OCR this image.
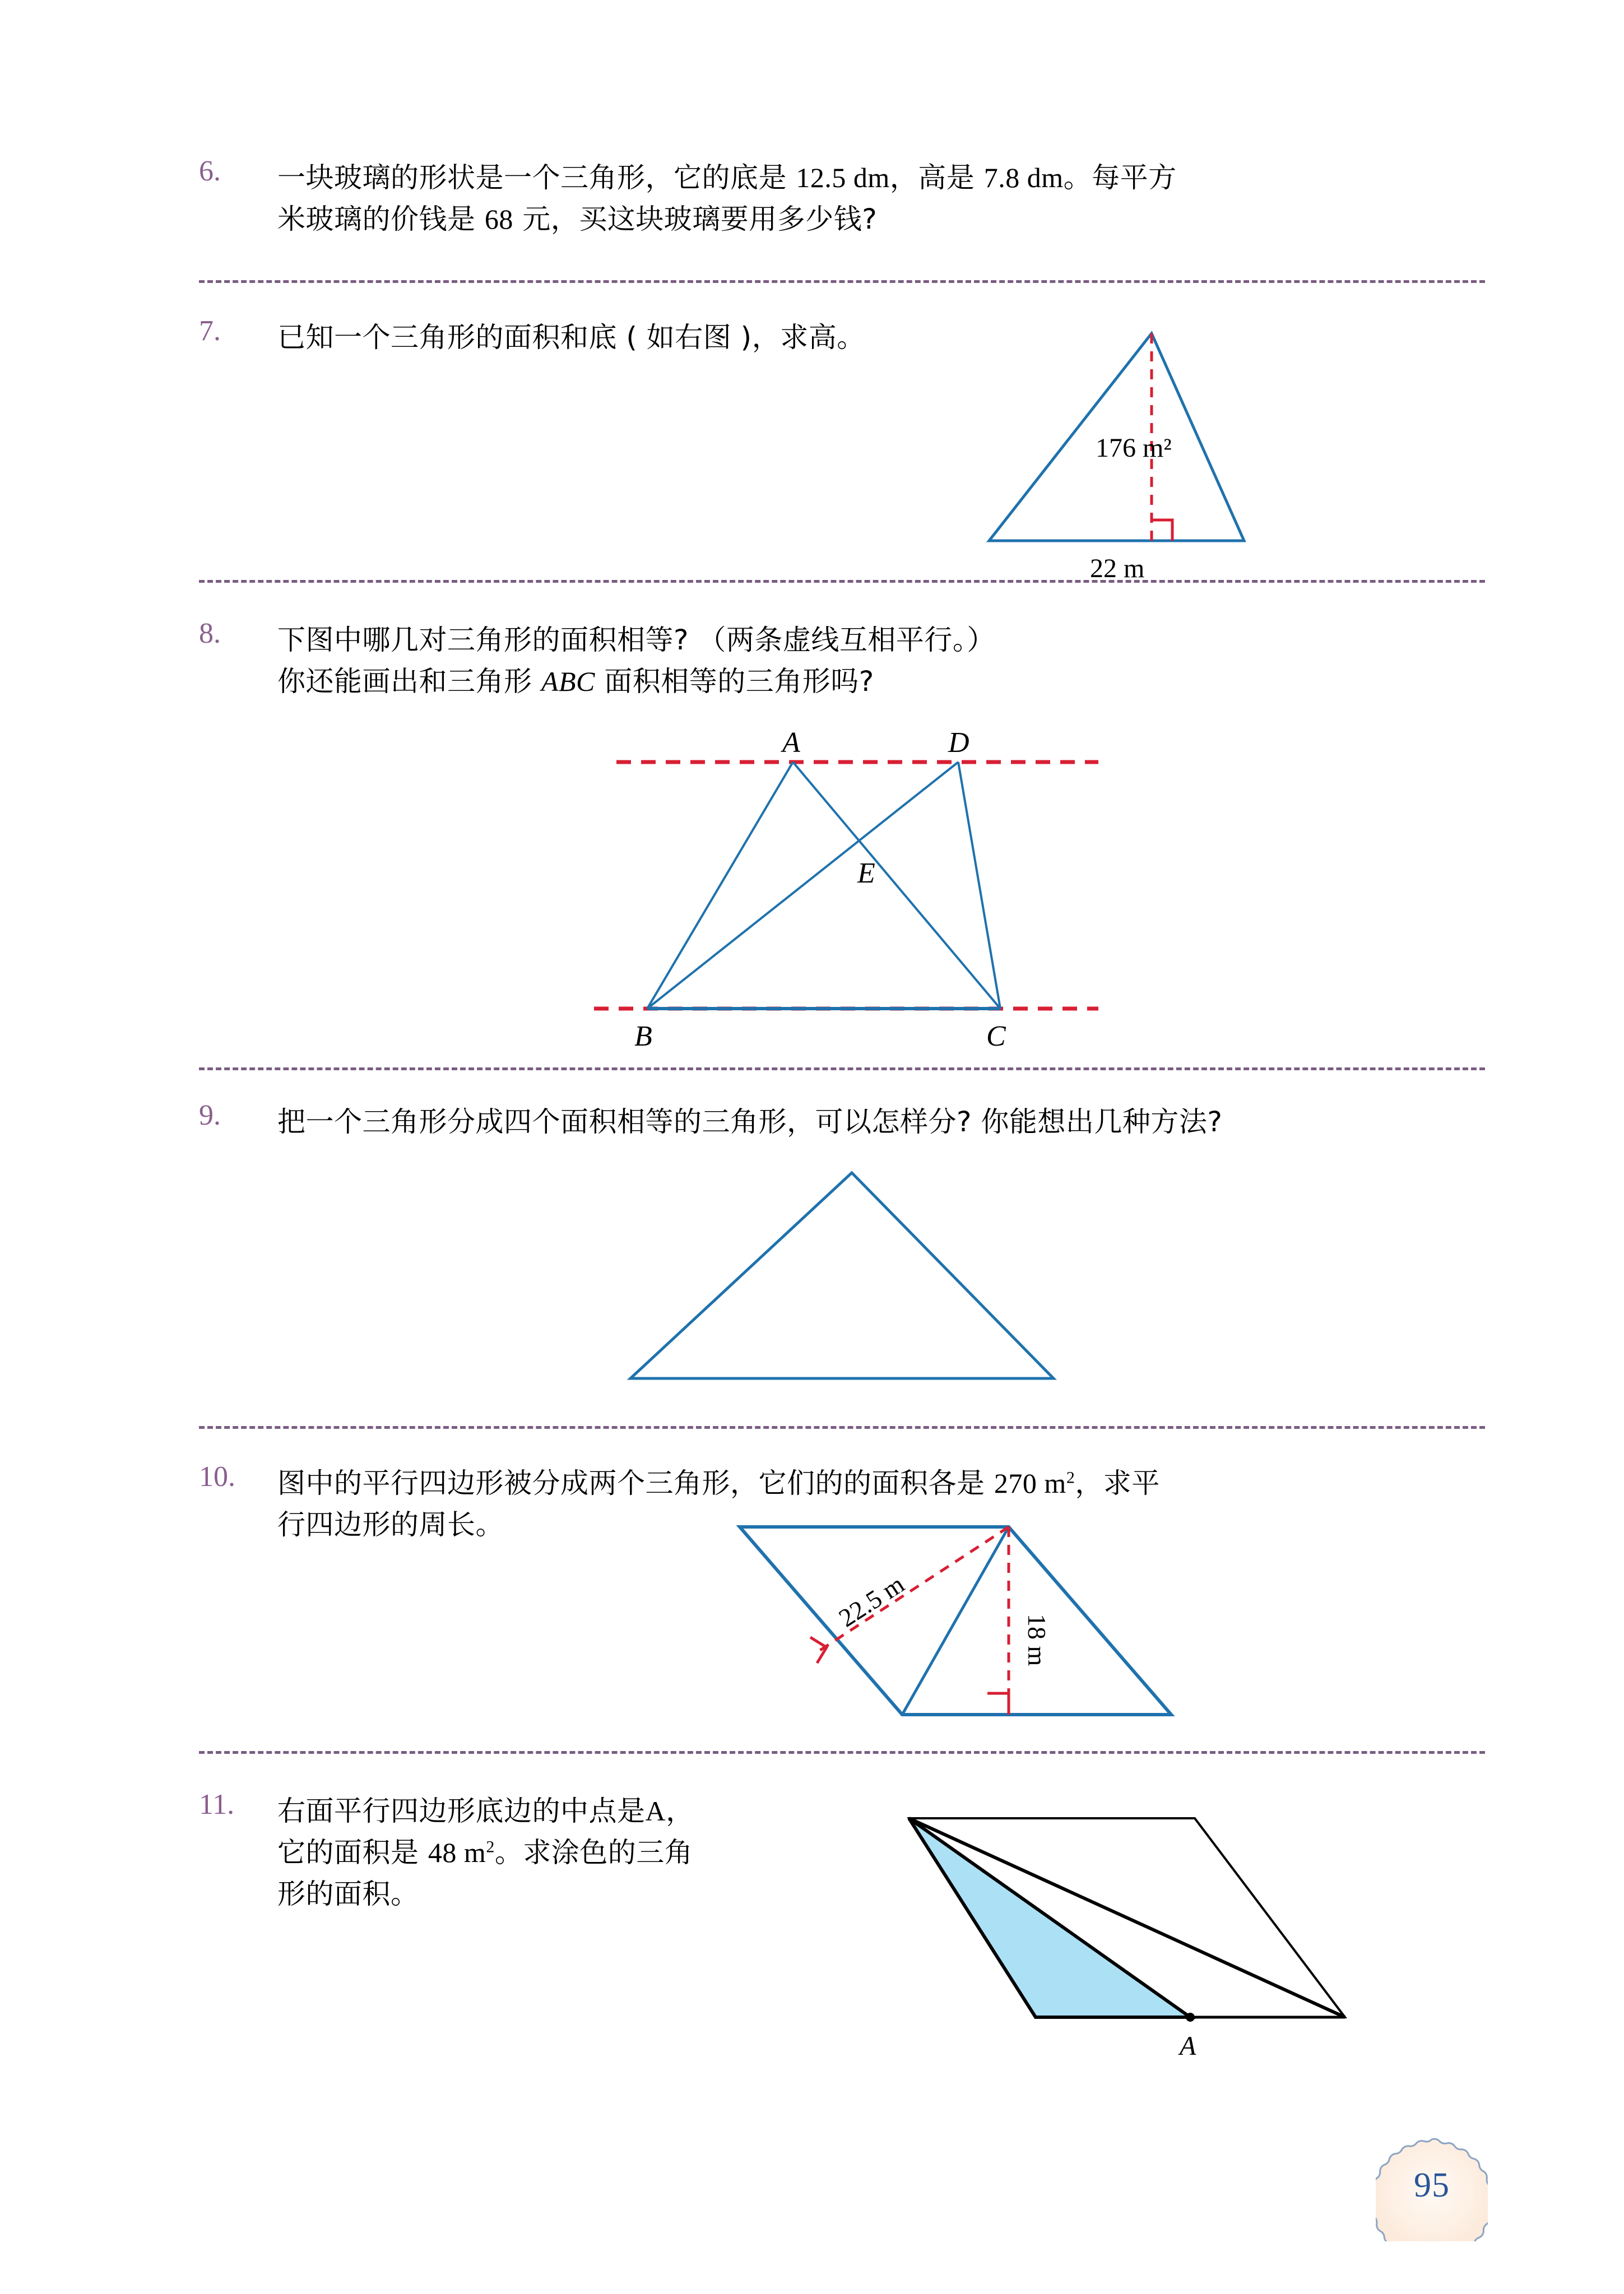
6.	一块玻璃的形状是一个三角形，它的底是 12.5 dm，高是 7.8 dm。每平方
米玻璃的价钱是 68 元，买这块玻璃要用多少钱?
7.	已知一个三角形的面积和底 ( 如右图 )，求高。
176 m²
22 m
8.	下图中哪几对三角形的面积相等? （两条虚线互相平行。）
你还能画出和三角形 ABC 面积相等的三角形吗?
A	D
E
B	C
9.	把一个三角形分成四个面积相等的三角形，可以怎样分? 你能想出几种方法?
10.	图中的平行四边形被分成两个三角形，它们的的面积各是 270 $m^2$，求平
行四边形的周长。
22.5 m
18 m
11.	右面平行四边形底边的中点是A，
它的面积是 48 $m^2$。求涂色的三角
形的面积。
A
95
